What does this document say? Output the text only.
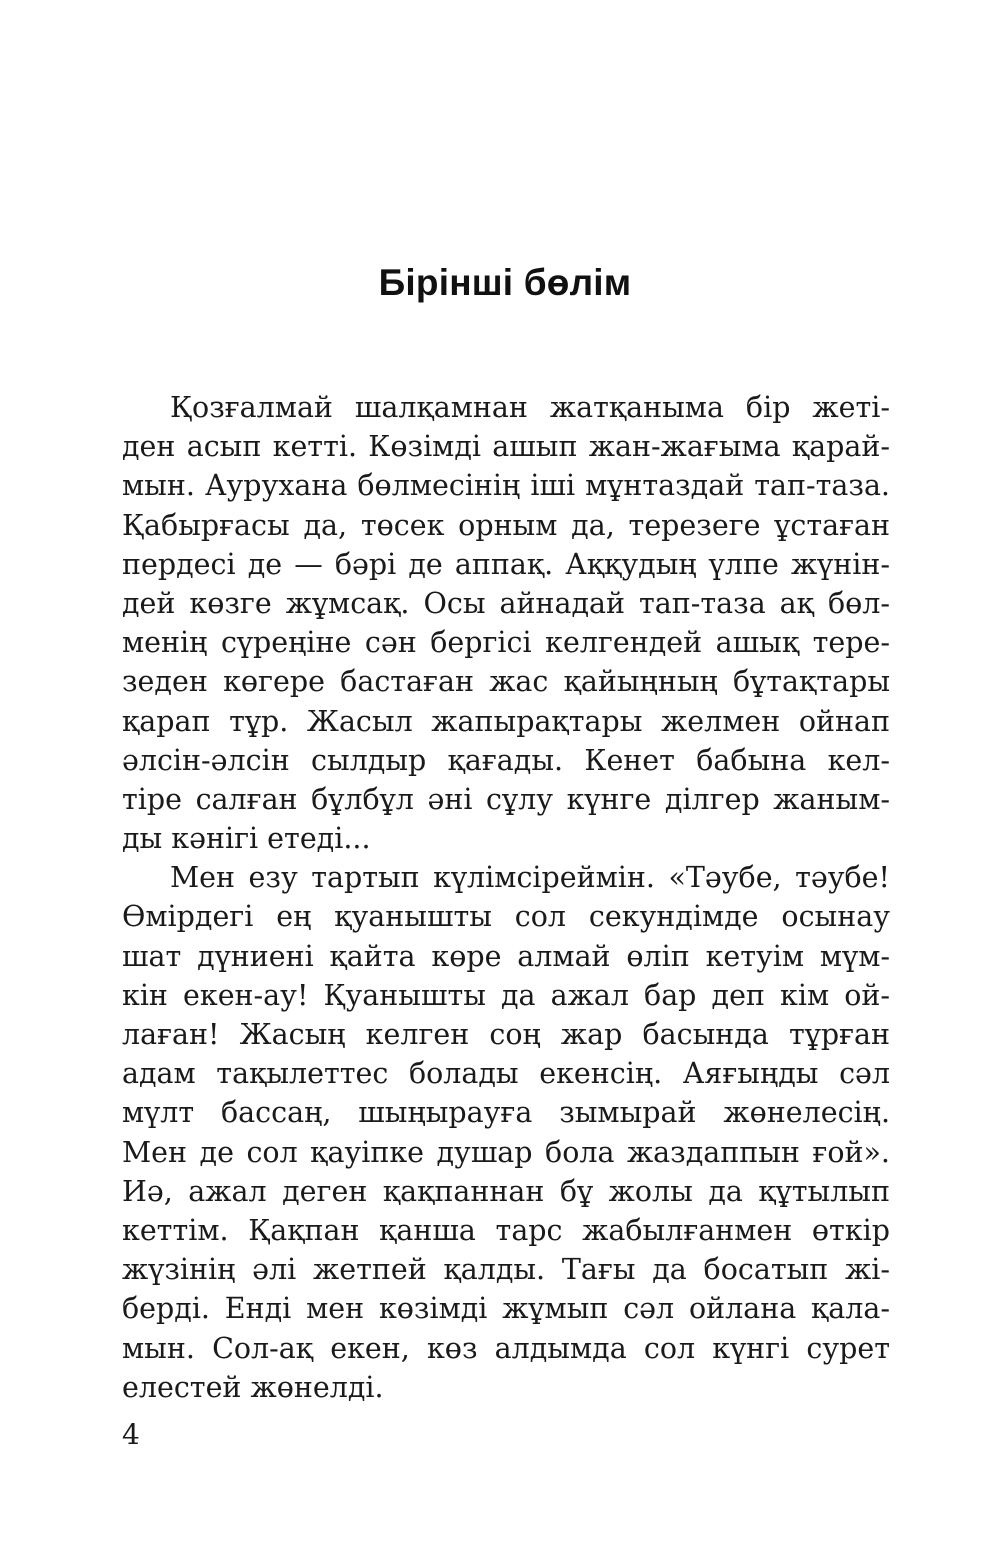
Бірінші бөлім
Қозғалмай шалқамнан жатқаныма бір жеті-
ден асып кетті. Көзімді ашып жан-жағыма қарай-
мын. Аурухана бөлмесінің іші мұнтаздай тап-таза.
Қабырғасы да, төсек орным да, терезеге ұстаған
пердесі де — бәрі де аппақ. Аққудың үлпе жүнін-
дей көзге жұмсақ. Осы айнадай тап-таза ақ бөл-
менің сүреңіне сән бергісі келгендей ашық тере-
зеден көгере бастаған жас қайыңның бұтақтары
қарап тұр. Жасыл жапырақтары желмен ойнап
әлсін-әлсін сылдыр қағады. Кенет бабына кел-
тіре салған бұлбұл әні сұлу күнге ділгер жаным-
ды кәнігі етеді...
Мен езу тартып күлімсіреймін. «Тәубе, тәубе!
Өмірдегі ең қуанышты сол секундімде осынау
шат дүниені қайта көре алмай өліп кетуім мүм-
кін екен-ау! Қуанышты да ажал бар деп кім ой-
лаған! Жасың келген соң жар басында тұрған
адам тақылеттес болады екенсің. Аяғыңды сәл
мүлт бассаң, шыңырауға зымырай жөнелесің.
Мен де сол қауіпке душар бола жаздаппын ғой».
Иә, ажал деген қақпаннан бұ жолы да құтылып
кеттім. Қақпан қанша тарс жабылғанмен өткір
жүзінің әлі жетпей қалды. Тағы да босатып жі-
берді. Енді мен көзімді жұмып сәл ойлана қала-
мын. Сол-ақ екен, көз алдымда сол күнгі сурет
елестей жөнелді.
4
